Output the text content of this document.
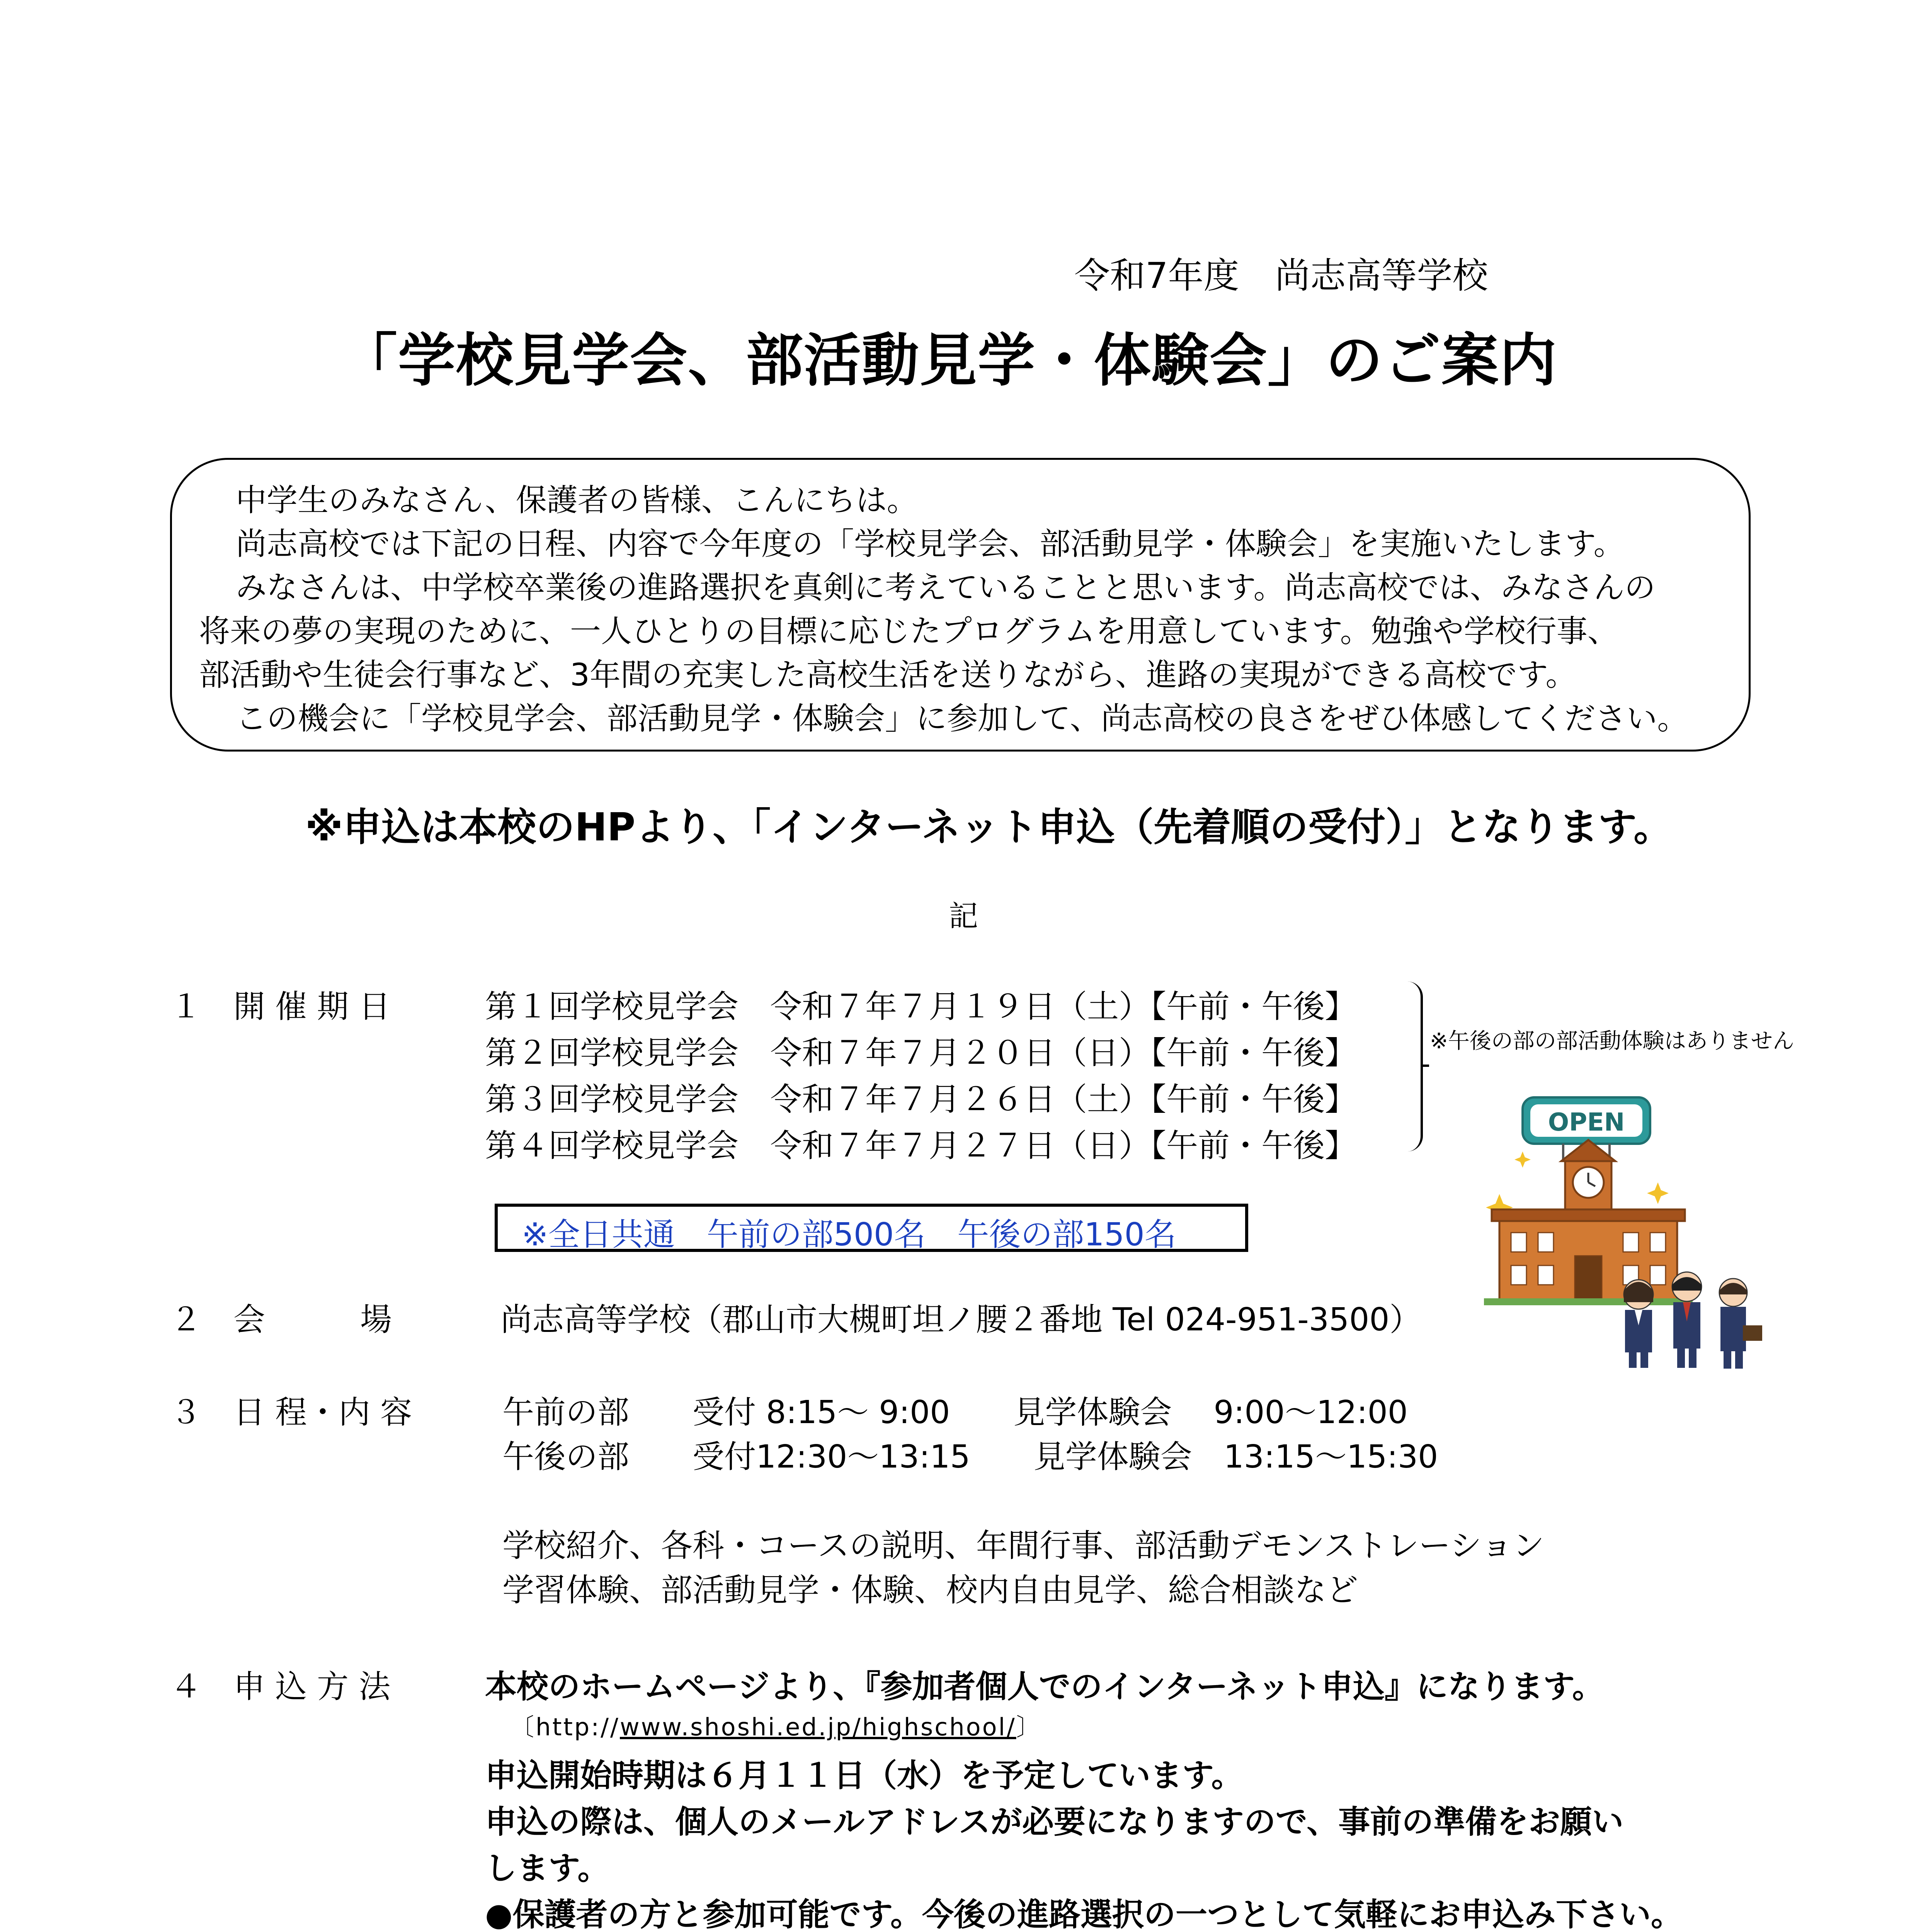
令和7年度　尚志高等学校
「学校見学会、部活動見学・体験会」のご案内
中学生のみなさん、保護者の皆様、こんにちは。
尚志高校では下記の日程、内容で今年度の「学校見学会、部活動見学・体験会」を実施いたします。
みなさんは、中学校卒業後の進路選択を真剣に考えていることと思います。尚志高校では、みなさんの
将来の夢の実現のために、一人ひとりの目標に応じたプログラムを用意しています。勉強や学校行事、
部活動や生徒会行事など、3年間の充実した高校生活を送りながら、進路の実現ができる高校です。
この機会に「学校見学会、部活動見学・体験会」に参加して、尚志高校の良さをぜひ体感してください。
※申込は本校のHPより、「インターネット申込（先着順の受付）」となります。
記
１　開 催 期 日	第１回学校見学会　令和７年７月１９日（土）【午前・午後】
第２回学校見学会　令和７年７月２０日（日）【午前・午後】
第３回学校見学会　令和７年７月２６日（土）【午前・午後】
第４回学校見学会　令和７年７月２７日（日）【午前・午後】
※午後の部の部活動体験はありません
※全日共通　午前の部500名　午後の部150名
OPEN
２　会　　　場	尚志高等学校（郡山市大槻町坦ノ腰２番地 Tel 024-951-3500）
３　日 程・内 容	午前の部　　受付 8:15～ 9:00　　見学体験会　 9:00～12:00
午後の部　　受付12:30～13:15　　見学体験会　13:15～15:30
学校紹介、各科・コースの説明、年間行事、部活動デモンストレーション
学習体験、部活動見学・体験、校内自由見学、総合相談など
４　申 込 方 法	本校のホームページより、『参加者個人でのインターネット申込』になります。
〔http://www.shoshi.ed.jp/highschool/〕
申込開始時期は６月１１日（水）を予定しています。
申込の際は、個人のメールアドレスが必要になりますので、事前の準備をお願い
します。
●保護者の方と参加可能です。今後の進路選択の一つとして気軽にお申込み下さい。
